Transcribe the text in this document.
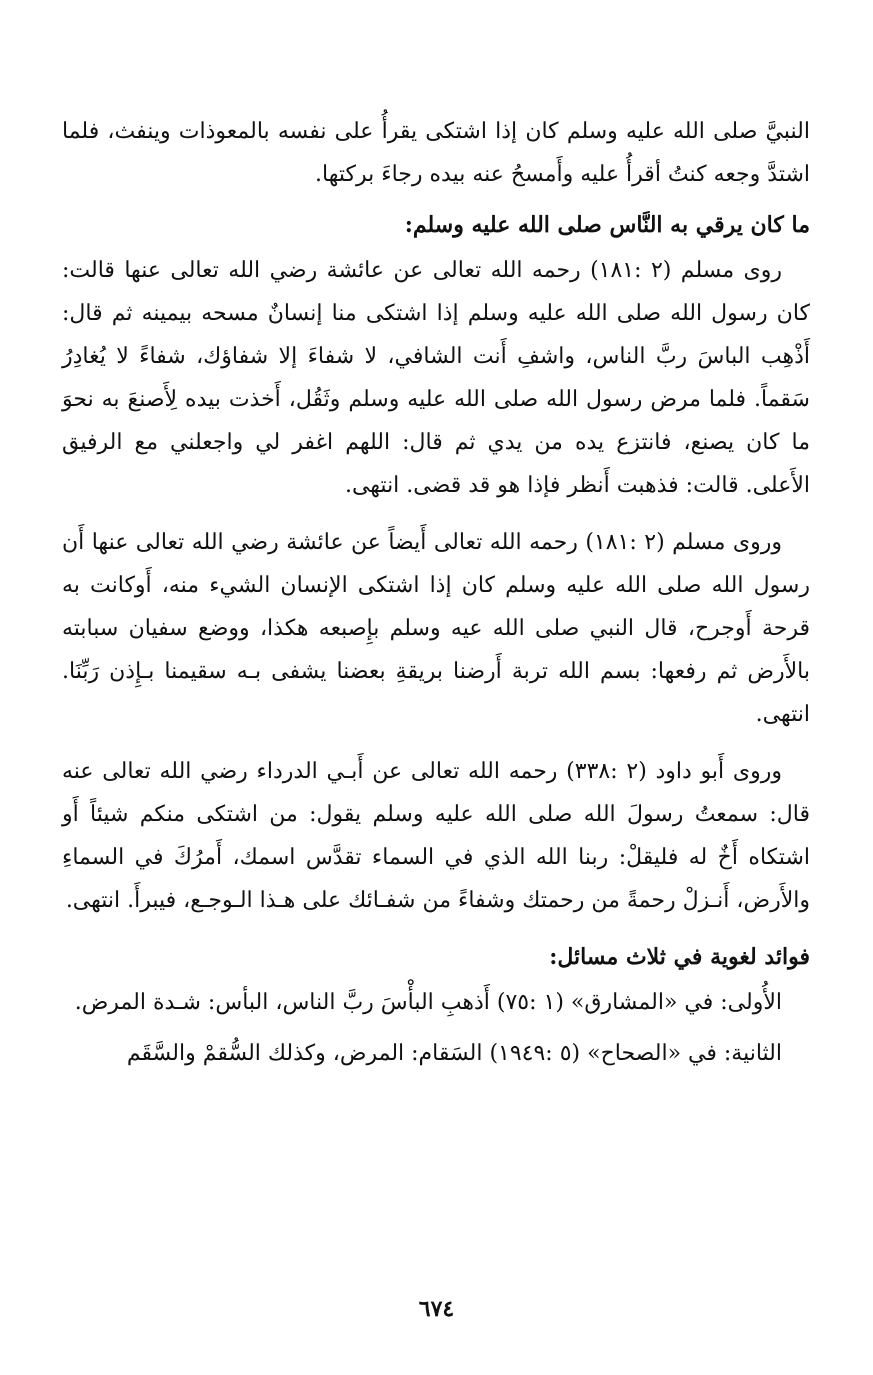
النبيَّ صلى الله عليه وسلم كان إذا اشتكى يقرأُ على نفسه بالمعوذات وينفث، فلما اشتدَّ وجعه كنتُ أقرأُ عليه وأَمسحُ عنه بيده رجاءَ بركتها.

ما كان يرقي به النَّاس صلى الله عليه وسلم:

روى مسلم (٢ :١٨١) رحمه الله تعالى عن عائشة رضي الله تعالى عنها قالت: كان رسول الله صلى الله عليه وسلم إذا اشتكى منا إنسانٌ مسحه بيمينه ثم قال: أَذْهِب الباسَ ربَّ الناس، واشفِ أَنت الشافي، لا شفاءَ إلا شفاؤك، شفاءً لا يُغادِرُ سَقماً. فلما مرض رسول الله صلى الله عليه وسلم وثَقُل، أَخذت بيده لِأَصنعَ به نحوَ ما كان يصنع، فانتزع يده من يدي ثم قال: اللهم اغفر لي واجعلني مع الرفيق الأَعلى. قالت: فذهبت أَنظر فإذا هو قد قضى. انتهى.

وروى مسلم (٢ :١٨١) رحمه الله تعالى أَيضاً عن عائشة رضي الله تعالى عنها أَن رسول الله صلى الله عليه وسلم كان إذا اشتكى الإنسان الشيء منه، أَوكانت به قرحة أَوجرح، قال النبي صلى الله عيه وسلم بإِصبعه هكذا، ووضع سفيان سبابته بالأَرض ثم رفعها: بسم الله تربة أَرضنا بريقةِ بعضنا يشفى بـه سقيمنا بـإِذن رَبِّنَا. انتهى.

وروى أَبو داود (٢ :٣٣٨) رحمه الله تعالى عن أَبـي الدرداء رضي الله تعالى عنه قال: سمعتُ رسولَ الله صلى الله عليه وسلم يقول: من اشتكى منكم شيئاً أَو اشتكاه أَخٌ له فليقلْ: ربنا الله الذي في السماء تقدَّس اسمك، أَمرُكَ في السماءِ والأَرض، أَنـزلْ رحمةً من رحمتك وشفاءً من شفـائك على هـذا الـوجـع، فيبرأَ. انتهى.

فوائد لغوية في ثلاث مسائل:

الأُولى: في «المشارق» (١ :٧٥) أَذهبِ البأْسَ ربَّ الناس، البأس: شـدة المرض.

الثانية: في «الصحاح» (٥ :١٩٤٩) السَقام: المرض، وكذلك السُّقمْ والسَّقَم

٦٧٤
